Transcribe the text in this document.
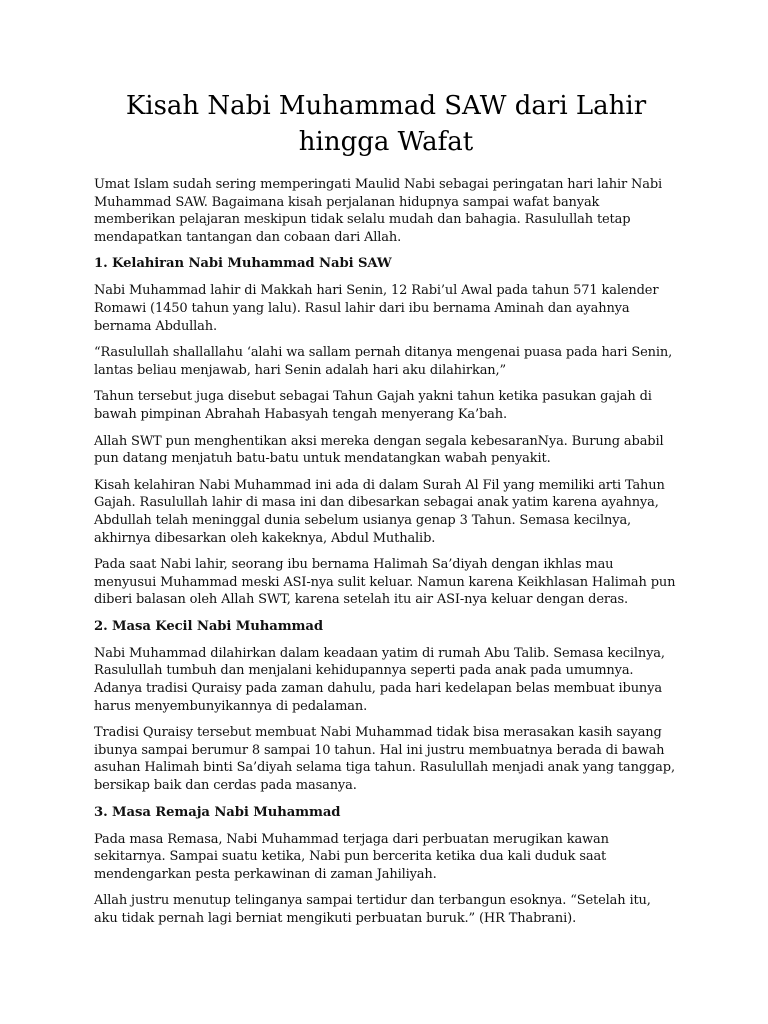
Kisah Nabi Muhammad SAW dari Lahir
hingga Wafat

Umat Islam sudah sering memperingati Maulid Nabi sebagai peringatan hari lahir Nabi Muhammad SAW. Bagaimana kisah perjalanan hidupnya sampai wafat banyak memberikan pelajaran meskipun tidak selalu mudah dan bahagia. Rasulullah tetap mendapatkan tantangan dan cobaan dari Allah.

1. Kelahiran Nabi Muhammad Nabi SAW

Nabi Muhammad lahir di Makkah hari Senin, 12 Rabi’ul Awal pada tahun 571 kalender Romawi (1450 tahun yang lalu). Rasul lahir dari ibu bernama Aminah dan ayahnya bernama Abdullah.

“Rasulullah shallallahu ‘alahi wa sallam pernah ditanya mengenai puasa pada hari Senin, lantas beliau menjawab, hari Senin adalah hari aku dilahirkan,”

Tahun tersebut juga disebut sebagai Tahun Gajah yakni tahun ketika pasukan gajah di bawah pimpinan Abrahah Habasyah tengah menyerang Ka’bah.

Allah SWT pun menghentikan aksi mereka dengan segala kebesaranNya. Burung ababil pun datang menjatuh batu-batu untuk mendatangkan wabah penyakit.

Kisah kelahiran Nabi Muhammad ini ada di dalam Surah Al Fil yang memiliki arti Tahun Gajah. Rasulullah lahir di masa ini dan dibesarkan sebagai anak yatim karena ayahnya, Abdullah telah meninggal dunia sebelum usianya genap 3 Tahun. Semasa kecilnya, akhirnya dibesarkan oleh kakeknya, Abdul Muthalib.

Pada saat Nabi lahir, seorang ibu bernama Halimah Sa’diyah dengan ikhlas mau menyusui Muhammad meski ASI-nya sulit keluar. Namun karena Keikhlasan Halimah pun diberi balasan oleh Allah SWT, karena setelah itu air ASI-nya keluar dengan deras.

2. Masa Kecil Nabi Muhammad

Nabi Muhammad dilahirkan dalam keadaan yatim di rumah Abu Talib. Semasa kecilnya, Rasulullah tumbuh dan menjalani kehidupannya seperti pada anak pada umumnya. Adanya tradisi Quraisy pada zaman dahulu, pada hari kedelapan belas membuat ibunya harus menyembunyikannya di pedalaman.

Tradisi Quraisy tersebut membuat Nabi Muhammad tidak bisa merasakan kasih sayang ibunya sampai berumur 8 sampai 10 tahun. Hal ini justru membuatnya berada di bawah asuhan Halimah binti Sa’diyah selama tiga tahun. Rasulullah menjadi anak yang tanggap, bersikap baik dan cerdas pada masanya.

3. Masa Remaja Nabi Muhammad

Pada masa Remasa, Nabi Muhammad terjaga dari perbuatan merugikan kawan sekitarnya. Sampai suatu ketika, Nabi pun bercerita ketika dua kali duduk saat mendengarkan pesta perkawinan di zaman Jahiliyah.

Allah justru menutup telinganya sampai tertidur dan terbangun esoknya. “Setelah itu, aku tidak pernah lagi berniat mengikuti perbuatan buruk.” (HR Thabrani).
